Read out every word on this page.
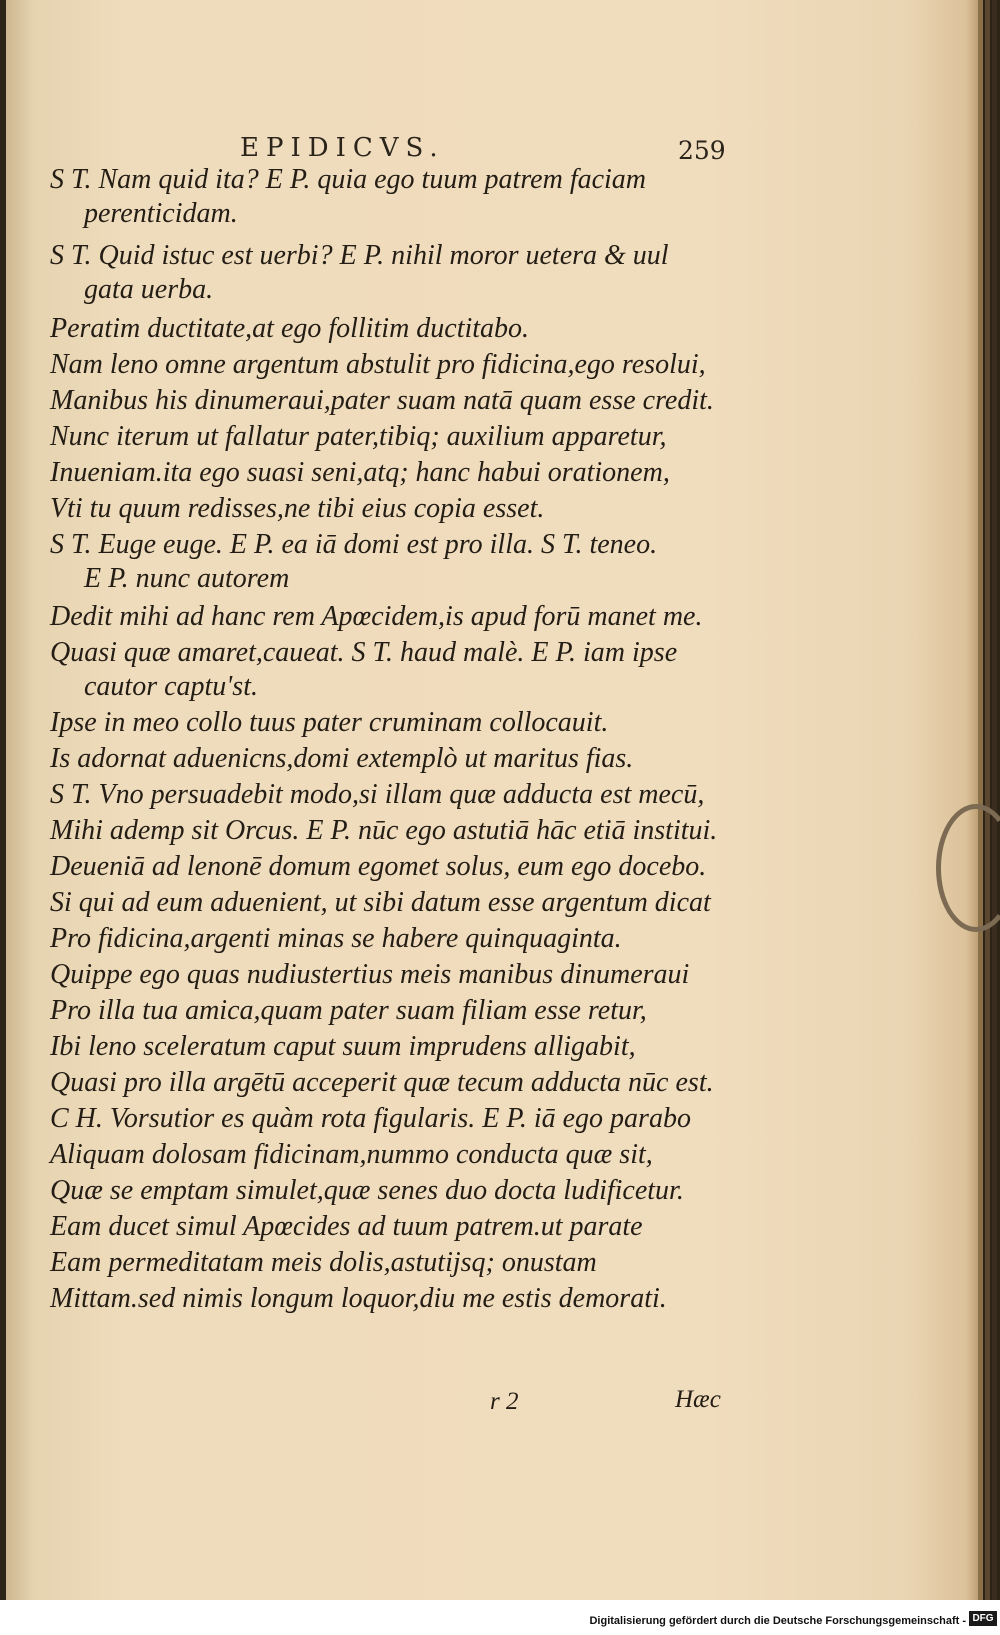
EPIDICVS.	259
S T. Nam quid ita? E P. quia ego tuum patrem faciam
perenticidam.
S T. Quid istuc est uerbi? E P. nihil moror uetera & uul
gata uerba.
Peratim ductitate,at ego follitim ductitabo.
Nam leno omne argentum abstulit pro fidicina,ego resolui,
Manibus his dinumeraui,pater suam natā quam esse credit.
Nunc iterum ut fallatur pater,tibiq; auxilium apparetur,
Inueniam.ita ego suasi seni,atq; hanc habui orationem,
Vti tu quum redisses,ne tibi eius copia esset.
S T. Euge euge. E P. ea iā domi est pro illa. S T. teneo.
E P. nunc autorem
Dedit mihi ad hanc rem Apœcidem,is apud forū manet me.
Quasi quæ amaret,caueat. S T. haud malè. E P. iam ipse
cautor captu'st.
Ipse in meo collo tuus pater cruminam collocauit.
Is adornat aduenicns,domi extemplò ut maritus fias.
S T. Vno persuadebit modo,si illam quæ adducta est mecū,
Mihi ademp sit Orcus. E P. nūc ego astutiā hāc etiā institui.
Deueniā ad lenonē domum egomet solus, eum ego docebo.
Si qui ad eum aduenient, ut sibi datum esse argentum dicat
Pro fidicina,argenti minas se habere quinquaginta.
Quippe ego quas nudiustertius meis manibus dinumeraui
Pro illa tua amica,quam pater suam filiam esse retur,
Ibi leno sceleratum caput suum imprudens alligabit,
Quasi pro illa argētū acceperit quæ tecum adducta nūc est.
C H. Vorsutior es quàm rota figularis. E P. iā ego parabo
Aliquam dolosam fidicinam,nummo conducta quæ sit,
Quæ se emptam simulet,quæ senes duo docta ludificetur.
Eam ducet simul Apœcides ad tuum patrem.ut parate
Eam permeditatam meis dolis,astutijsq; onustam
Mittam.sed nimis longum loquor,diu me estis demorati.
r 2	Hæc
Digitalisierung gefördert durch die Deutsche Forschungsgemeinschaft - DFG
